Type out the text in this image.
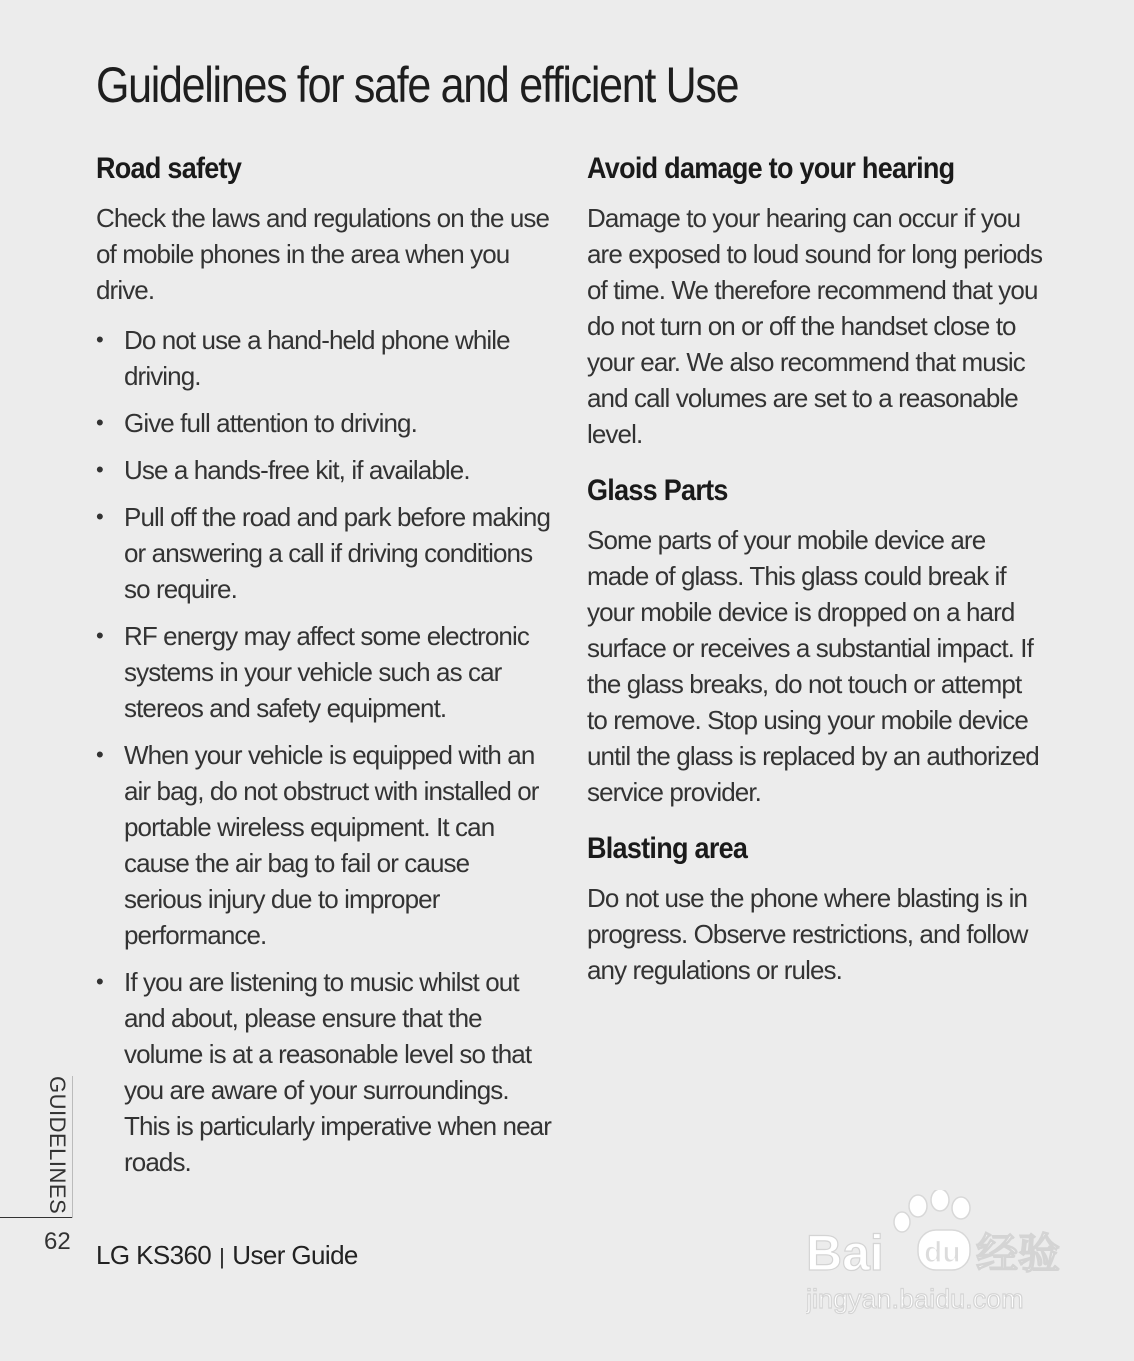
Guidelines for safe and efficient Use
Road safety

Check the laws and regulations on the use of mobile phones in the area when you drive.

• Do not use a hand-held phone while driving.
• Give full attention to driving.
• Use a hands-free kit, if available.
• Pull off the road and park before making or answering a call if driving conditions so require.
• RF energy may affect some electronic systems in your vehicle such as car stereos and safety equipment.
• When your vehicle is equipped with an air bag, do not obstruct with installed or portable wireless equipment. It can cause the air bag to fail or cause serious injury due to improper performance.
• If you are listening to music whilst out and about, please ensure that the volume is at a reasonable level so that you are aware of your surroundings. This is particularly imperative when near roads.
Avoid damage to your hearing

Damage to your hearing can occur if you are exposed to loud sound for long periods of time. We therefore recommend that you do not turn on or off the handset close to your ear. We also recommend that music and call volumes are set to a reasonable level.

Glass Parts

Some parts of your mobile device are made of glass. This glass could break if your mobile device is dropped on a hard surface or receives a substantial impact. If the glass breaks, do not touch or attempt to remove. Stop using your mobile device until the glass is replaced by an authorized service provider.

Blasting area

Do not use the phone where blasting is in progress. Observe restrictions, and follow any regulations or rules.

GUIDELINES
62 LG KS360 | User Guide	Bai du 经验
jingyan.baidu.com
